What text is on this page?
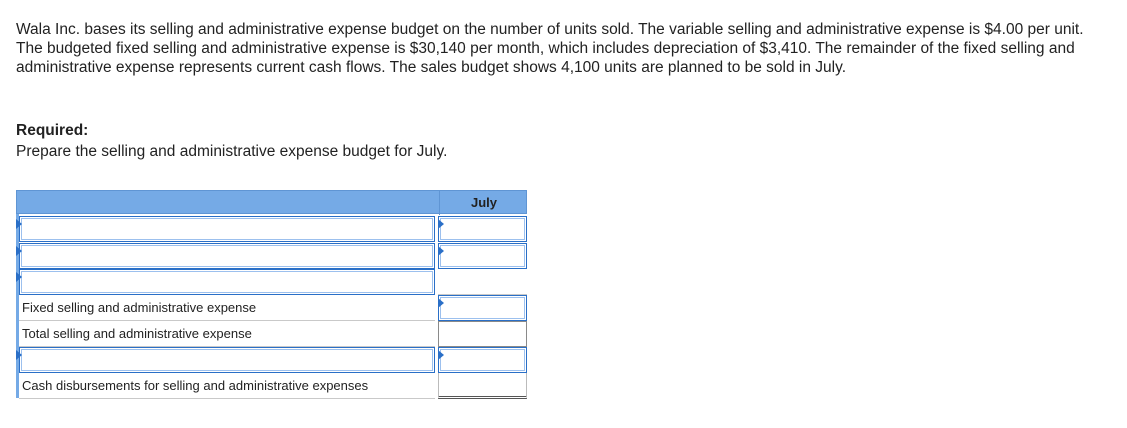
Wala Inc. bases its selling and administrative expense budget on the number of units sold. The variable selling and administrative expense is $4.00 per unit. The budgeted fixed selling and administrative expense is $30,140 per month, which includes depreciation of $3,410. The remainder of the fixed selling and administrative expense represents current cash flows. The sales budget shows 4,100 units are planned to be sold in July.

Required:

Prepare the selling and administrative expense budget for July.

July
Fixed selling and administrative expense
Total selling and administrative expense
Cash disbursements for selling and administrative expenses
